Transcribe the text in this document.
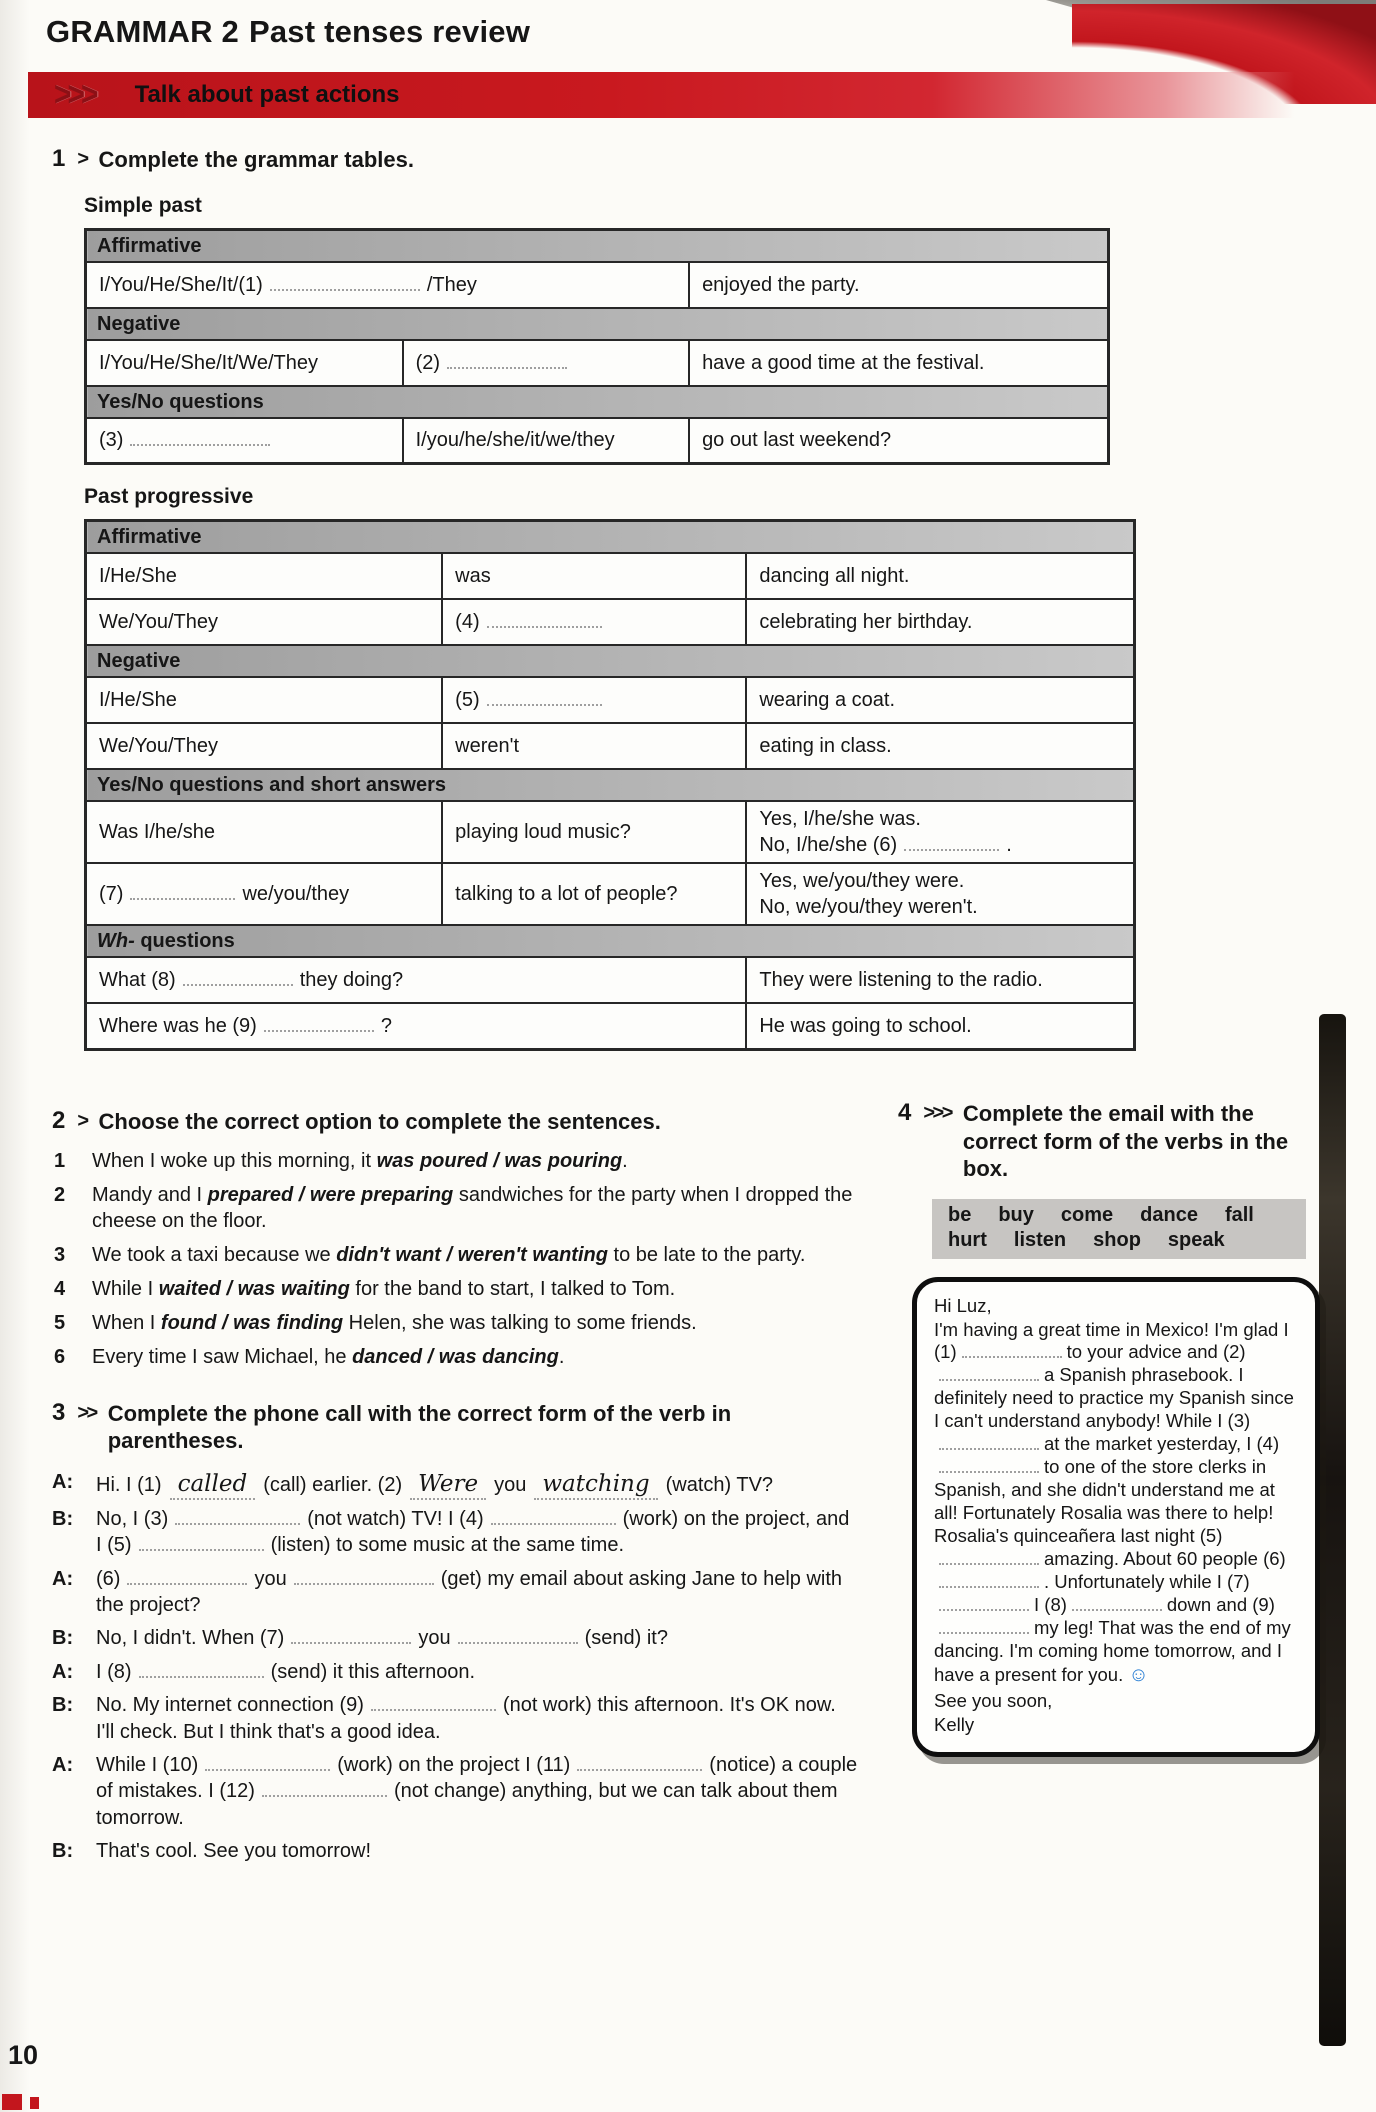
GRAMMAR 2 Past tenses review
>>> Talk about past actions
1 > Complete the grammar tables.
Simple past
Affirmative		
I/You/He/She/It/(1) /They		enjoyed the party.
Negative		
I/You/He/She/It/We/They	(2)	have a good time at the festival.
Yes/No questions		
(3)	I/you/he/she/it/we/they	go out last weekend?
Past progressive
Affirmative		
I/He/She	was	dancing all night.
We/You/They	(4)	celebrating her birthday.
Negative		
I/He/She	(5)	wearing a coat.
We/You/They	weren't	eating in class.
Yes/No questions and short answers		
Was I/he/she	playing loud music?	Yes, I/he/she was.
No, I/he/she (6) .
(7) we/you/they	talking to a lot of people?	Yes, we/you/they were.
No, we/you/they weren't.
Wh- questions		
What (8) they doing?		They were listening to the radio.
Where was he (9) ?		He was going to school.
2 > Choose the correct option to complete the sentences.
1	When I woke up this morning, it was poured / was pouring.
2	Mandy and I prepared / were preparing sandwiches for the party when I dropped the cheese on the floor.
3	We took a taxi because we didn't want / weren't wanting to be late to the party.
4	While I waited / was waiting for the band to start, I talked to Tom.
5	When I found / was finding Helen, she was talking to some friends.
6	Every time I saw Michael, he danced / was dancing.
3 >> Complete the phone call with the correct form of the verb in parentheses.
A: Hi. I (1) called (call) earlier. (2) Were you watching (watch) TV?
B: No, I (3)	(not watch) TV! I (4)	(work) on the project, and I (5)	(listen) to some music at the same time.
A: (6)	you	(get) my email about asking Jane to help with the project?
B: No, I didn't. When (7)	you	(send) it?
A: I (8)	(send) it this afternoon.
B: No. My internet connection (9)	(not work) this afternoon. It's OK now. I'll check. But I think that's a good idea.
A: While I (10)	(work) on the project I (11)	(notice) a couple of mistakes. I (12)	(not change) anything, but we can talk about them tomorrow.
B: That's cool. See you tomorrow!
4 >>> Complete the email with the correct form of the verbs in the box.
be buy come dance fall
hurt listen shop speak
Hi Luz,
I'm having a great time in Mexico! I'm glad I (1)	to your advice and (2)a Spanish phrasebook. I definitely need to practice my Spanish since I can't understand anybody! While I (3)at the market yesterday, I (4)to one of the store clerks in Spanish, and she didn't understand me at all! Fortunately Rosalia was there to help! Rosalia's quinceañera last night (5)amazing. About 60 people (6). Unfortunately while I (7)I (8)	down and (9)my leg! That was the end of my dancing. I'm coming home tomorrow, and I have a present for you. ☺
See you soon,
Kelly
10
